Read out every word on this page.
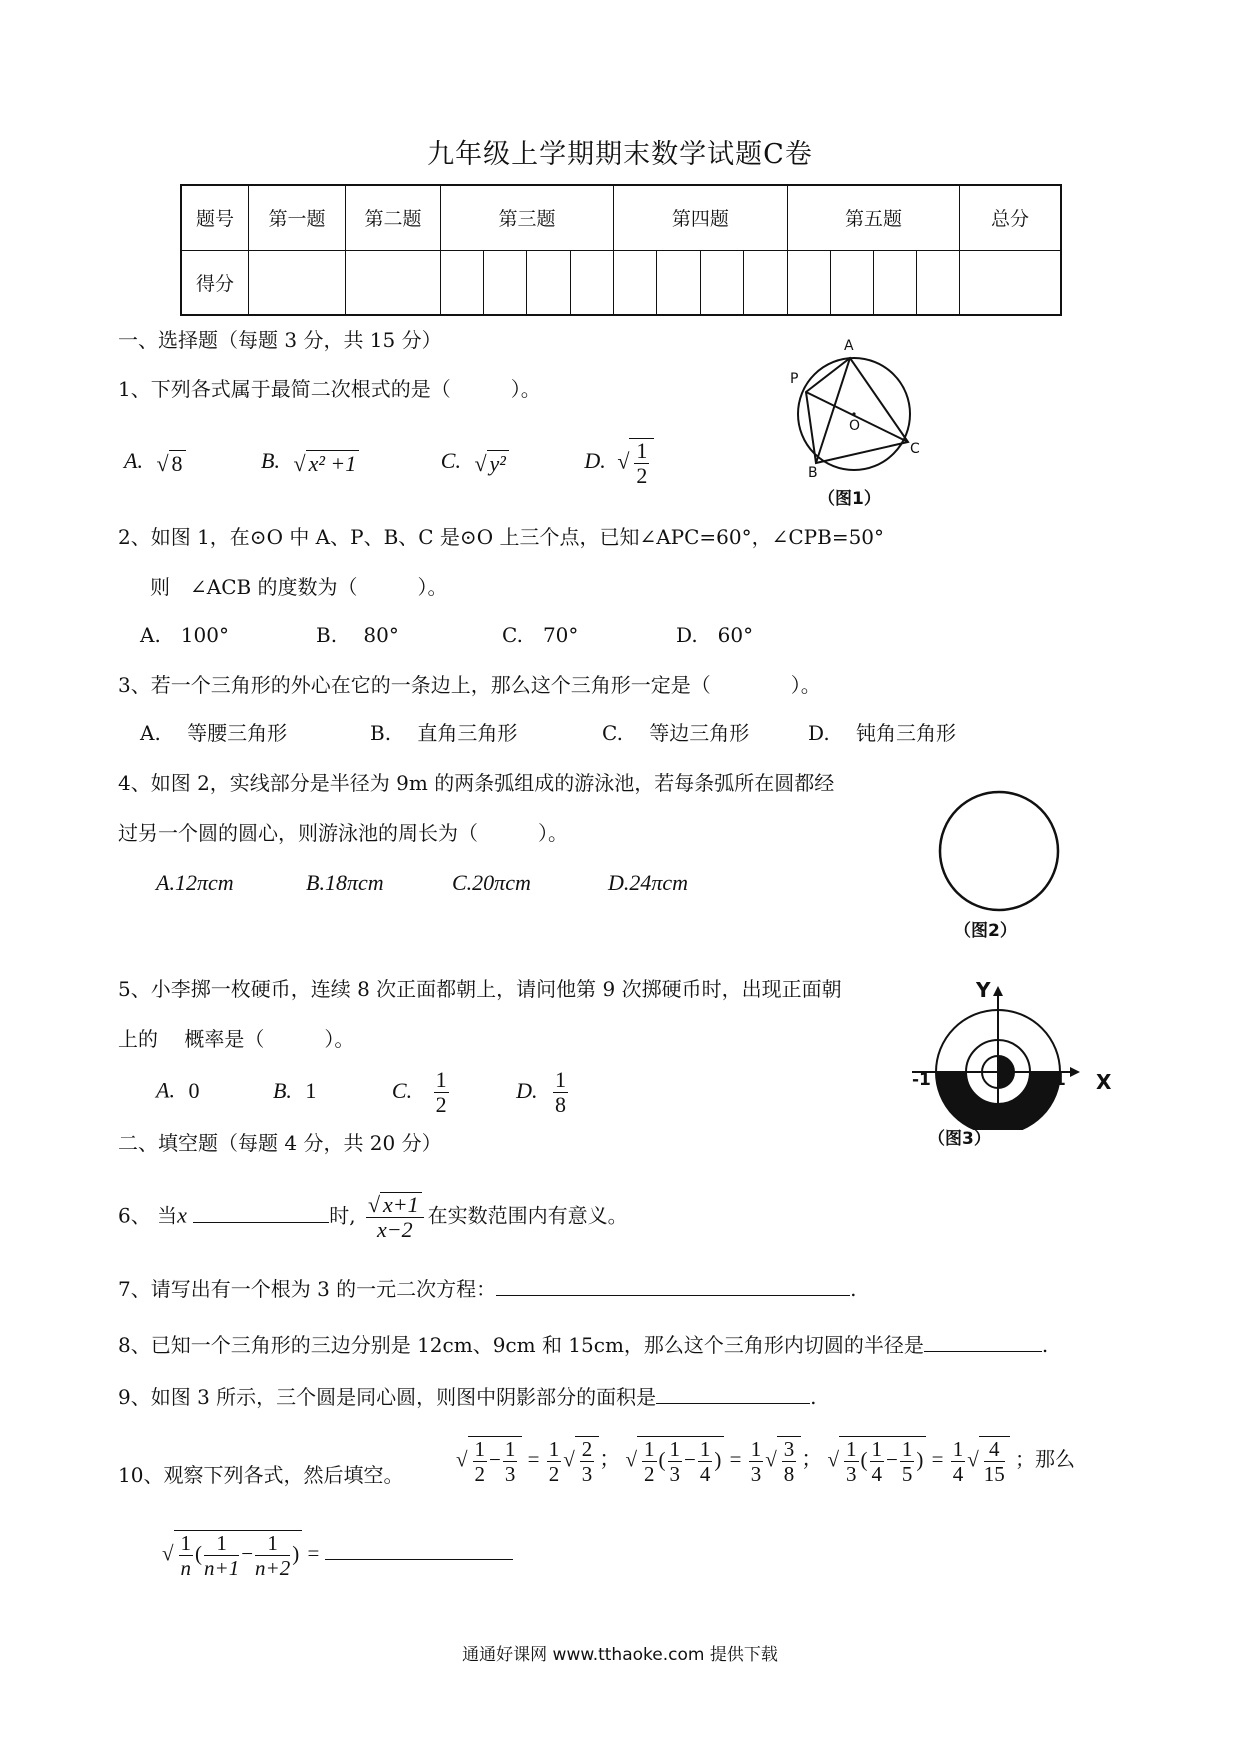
九年级上学期期末数学试题C卷
题号	第一题	第二题	第三题				第四题				第五题				总分
得分															
一、选择题（每题 3 分，共 15 分）
1、下列各式属于最简二次根式的是（　　　）。
A. √ 8	B. √ x² +1	C. √ y²	D. √ $\frac{1}{2}$
A
P
O
C
B
（图1）
2、如图 1，在⊙O 中 A、P、B、C 是⊙O 上三个点，已知∠APC=60°，∠CPB=50°
则　∠ACB 的度数为（　　　）。
A.　100°	B.　 80°	C.　70°	D.　60°
3、若一个三角形的外心在它的一条边上，那么这个三角形一定是（　　　　）。
A.　 等腰三角形	B.　 直角三角形	C.　 等边三角形	D.　 钝角三角形
4、如图 2，实线部分是半径为 9m 的两条弧组成的游泳池，若每条弧所在圆都经
过另一个圆的圆心，则游泳池的周长为（　　　）。
A.12πcm	B.18πcm	C.20πcm	D.24πcm
（图2）
5、小李掷一枚硬币，连续 8 次正面都朝上，请问他第 9 次掷硬币时，出现正面朝
上的　 概率是（　　　）。
A. 0	B. 1	C. $\frac{1}{2}$	D. $\frac{1}{8}$
Y
X
-1	1
（图3）
二、填空题（每题 4 分，共 20 分）
6、 当x	时, $\frac{√ x+1}{x-2}$ 在实数范围内有意义。
7、请写出有一个根为 3 的一元二次方程：	.
8、已知一个三角形的三边分别是 12cm、9cm 和 15cm，那么这个三角形内切圆的半径是	.
9、如图 3 所示，三个圆是同心圆，则图中阴影部分的面积是	.
10、观察下列各式，然后填空。
√ $\frac{1}{2} - \frac{1}{3} = \frac{1}{2}$ √ $\frac{2}{3}$ ； √ $\frac{1}{2}$ ( $\frac{1}{3} - \frac{1}{4}$ ) = $\frac{1}{3}$ √ $\frac{3}{8}$ ； √ $\frac{1}{3}$ ( $\frac{1}{4} - \frac{1}{5}$ ) = $\frac{1}{4}$ √ $\frac{4}{15}$ ；那么
√ $\frac{1}{n}$ ( $\frac{1}{n+1} - \frac{1}{n+2}$ ) =
通通好课网 www.tthaoke.com 提供下载
